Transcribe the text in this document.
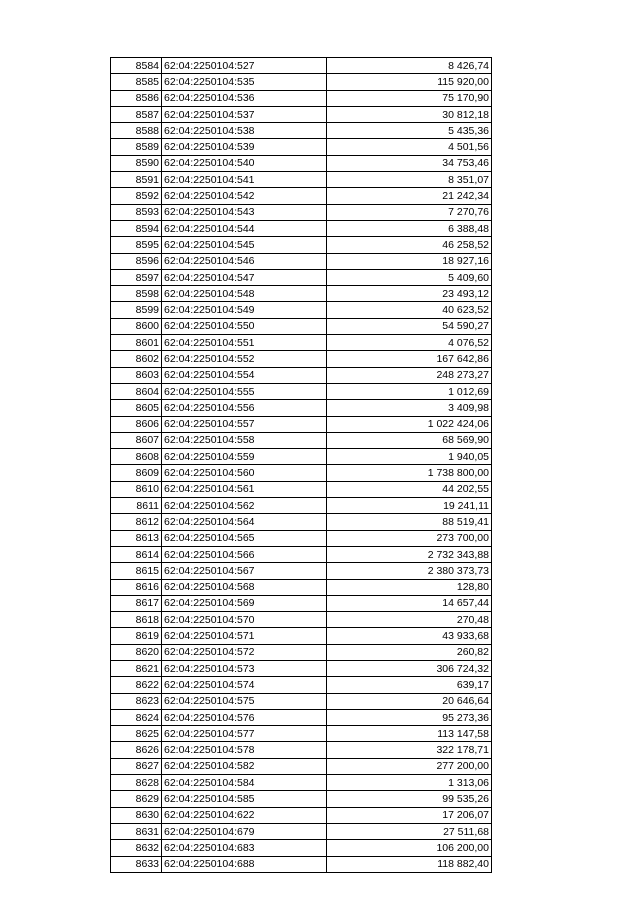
8584	62:04:2250104:527	8 426,74
8585	62:04:2250104:535	115 920,00
8586	62:04:2250104:536	75 170,90
8587	62:04:2250104:537	30 812,18
8588	62:04:2250104:538	5 435,36
8589	62:04:2250104:539	4 501,56
8590	62:04:2250104:540	34 753,46
8591	62:04:2250104:541	8 351,07
8592	62:04:2250104:542	21 242,34
8593	62:04:2250104:543	7 270,76
8594	62:04:2250104:544	6 388,48
8595	62:04:2250104:545	46 258,52
8596	62:04:2250104:546	18 927,16
8597	62:04:2250104:547	5 409,60
8598	62:04:2250104:548	23 493,12
8599	62:04:2250104:549	40 623,52
8600	62:04:2250104:550	54 590,27
8601	62:04:2250104:551	4 076,52
8602	62:04:2250104:552	167 642,86
8603	62:04:2250104:554	248 273,27
8604	62:04:2250104:555	1 012,69
8605	62:04:2250104:556	3 409,98
8606	62:04:2250104:557	1 022 424,06
8607	62:04:2250104:558	68 569,90
8608	62:04:2250104:559	1 940,05
8609	62:04:2250104:560	1 738 800,00
8610	62:04:2250104:561	44 202,55
8611	62:04:2250104:562	19 241,11
8612	62:04:2250104:564	88 519,41
8613	62:04:2250104:565	273 700,00
8614	62:04:2250104:566	2 732 343,88
8615	62:04:2250104:567	2 380 373,73
8616	62:04:2250104:568	128,80
8617	62:04:2250104:569	14 657,44
8618	62:04:2250104:570	270,48
8619	62:04:2250104:571	43 933,68
8620	62:04:2250104:572	260,82
8621	62:04:2250104:573	306 724,32
8622	62:04:2250104:574	639,17
8623	62:04:2250104:575	20 646,64
8624	62:04:2250104:576	95 273,36
8625	62:04:2250104:577	113 147,58
8626	62:04:2250104:578	322 178,71
8627	62:04:2250104:582	277 200,00
8628	62:04:2250104:584	1 313,06
8629	62:04:2250104:585	99 535,26
8630	62:04:2250104:622	17 206,07
8631	62:04:2250104:679	27 511,68
8632	62:04:2250104:683	106 200,00
8633	62:04:2250104:688	118 882,40
